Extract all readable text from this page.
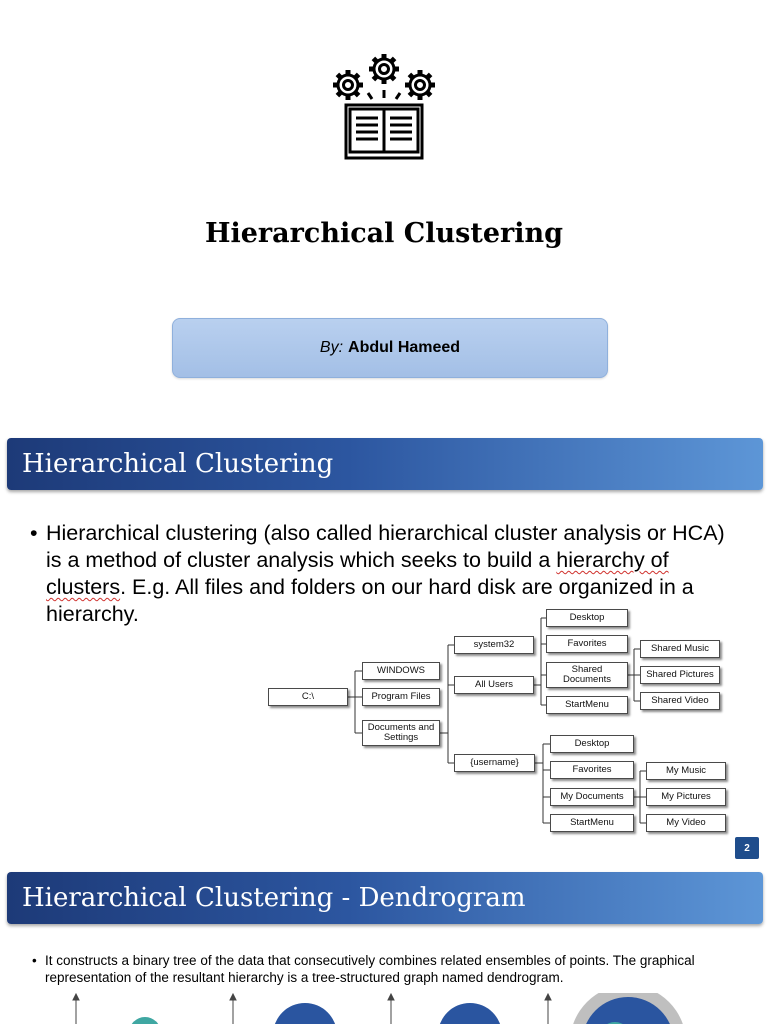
Hierarchical Clustering
By: Abdul Hameed
Hierarchical Clustering
• Hierarchical clustering (also called hierarchical cluster analysis or HCA) is a method of cluster analysis which seeks to build a hierarchy of clusters. E.g. All files and folders on our hard disk are organized in a hierarchy.
C:\
WINDOWS
Program Files
Documents and Settings
system32
All Users
{username}
Desktop
Favorites
Shared Documents
StartMenu
Shared Music
Shared Pictures
Shared Video
Desktop
Favorites
My Documents
StartMenu
My Music
My Pictures
My Video
2
Hierarchical Clustering - Dendrogram
• It constructs a binary tree of the data that consecutively combines related ensembles of points. The graphical representation of the resultant hierarchy is a tree-structured graph named dendrogram.
